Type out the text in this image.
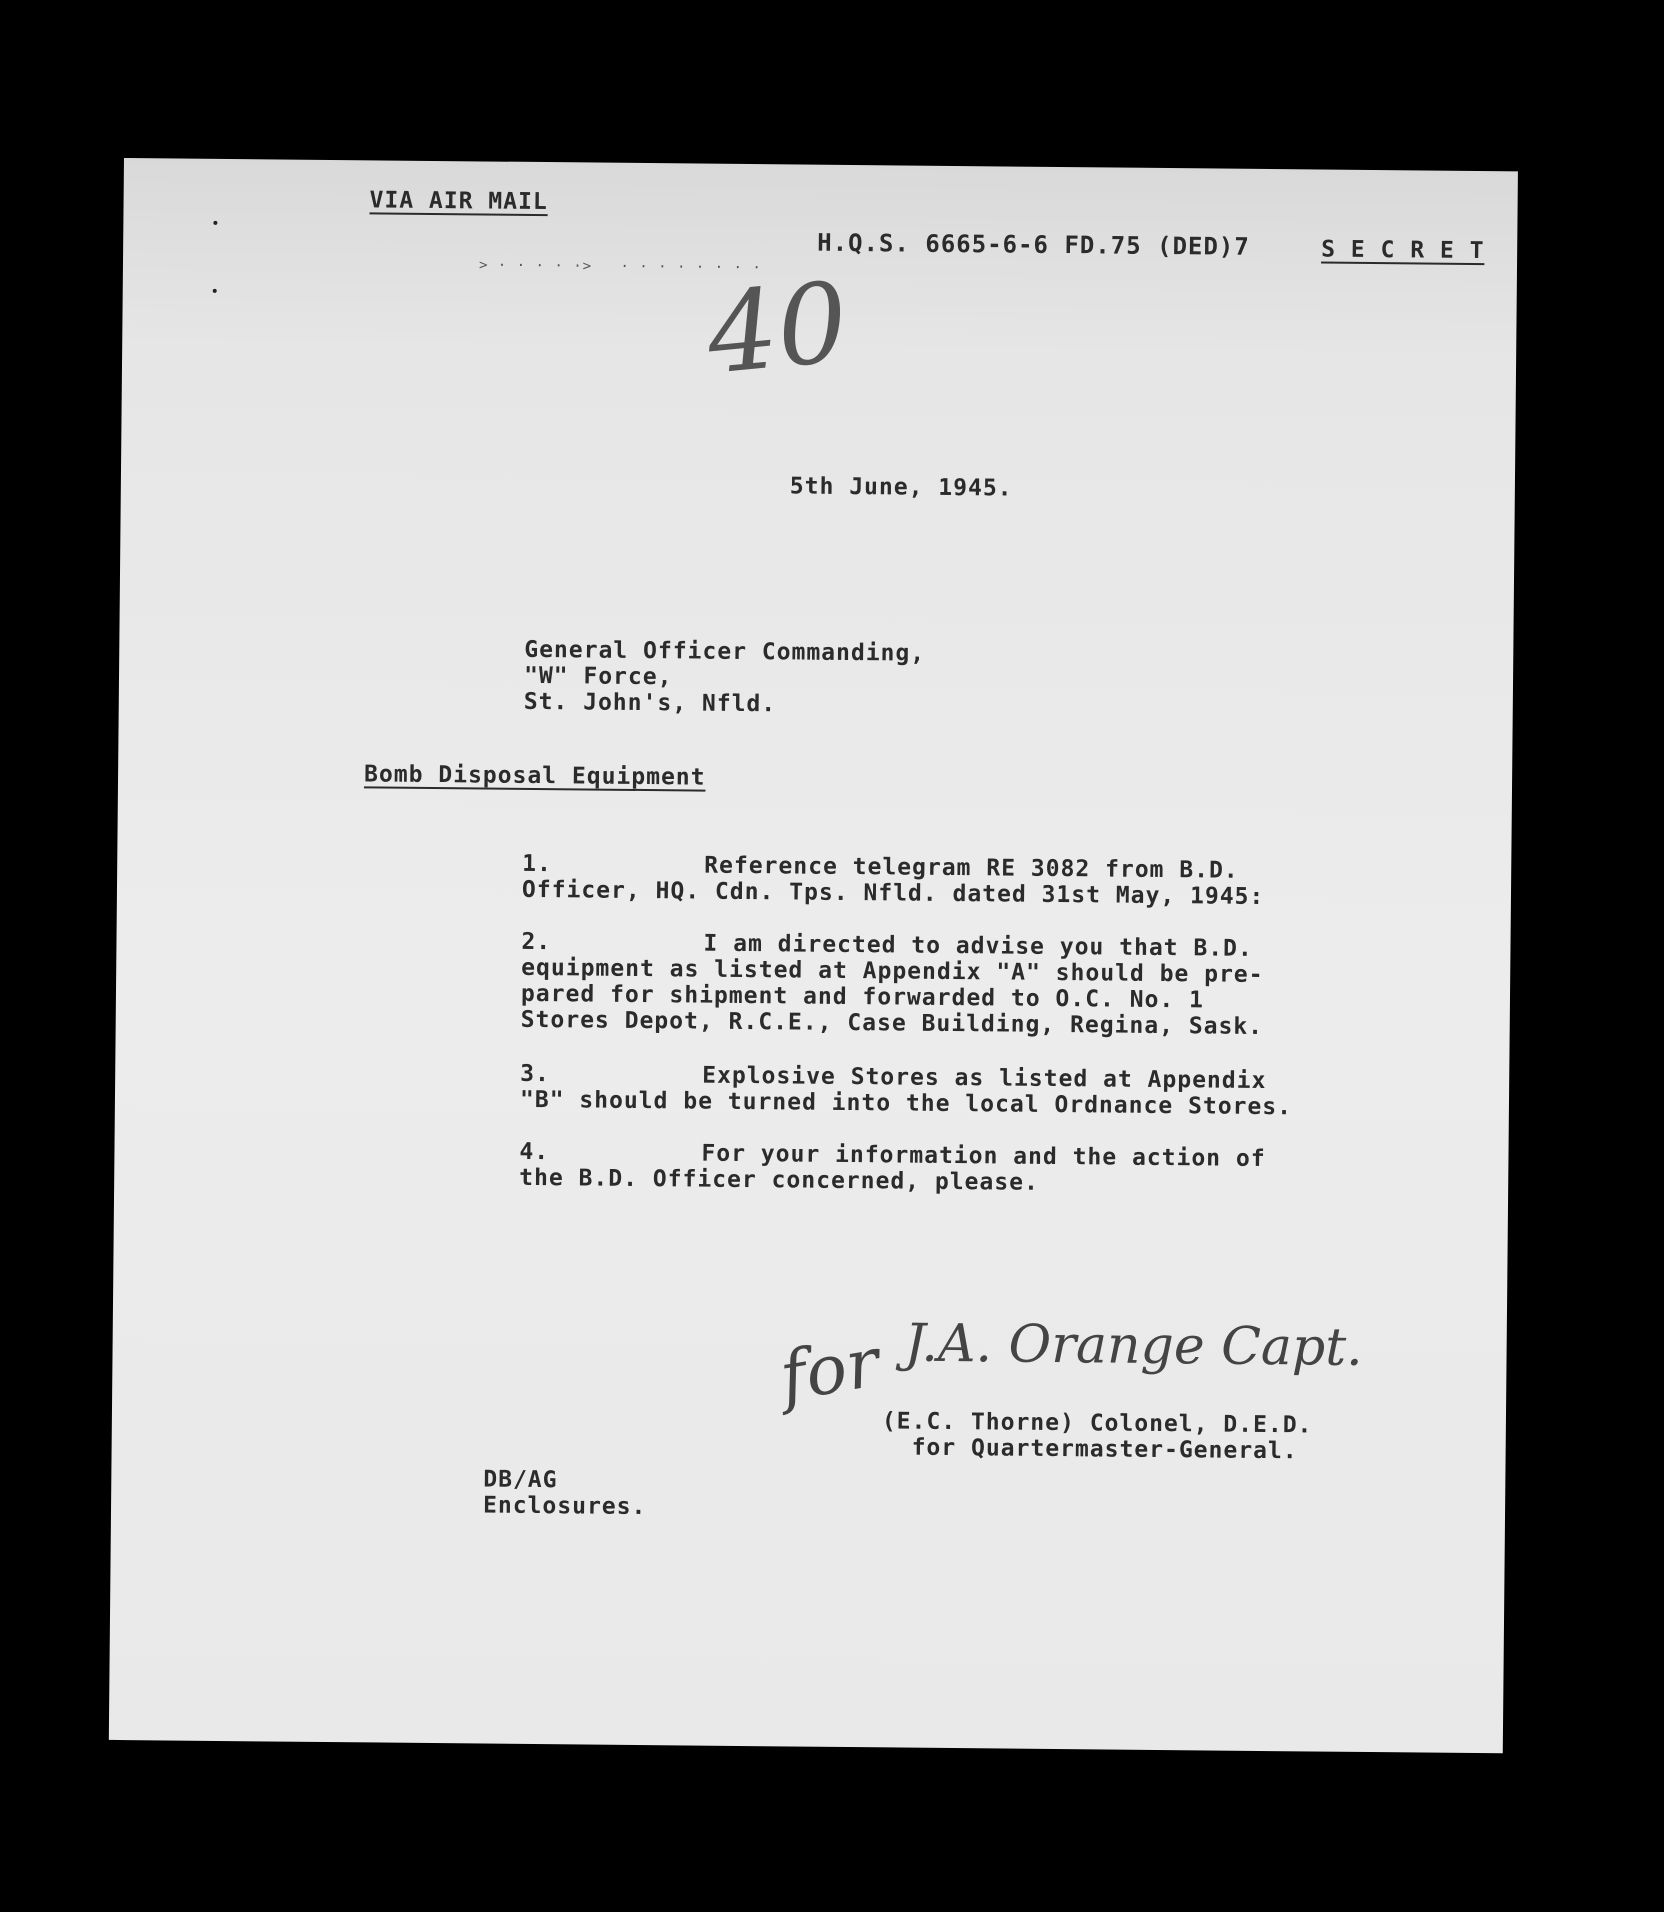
VIA AIR MAIL
H.Q.S. 6665-6-6 FD.75 (DED)7	S E C R E T
> · · · · ·>   · · · · · · · ·
40
5th June, 1945.
General Officer Commanding,
"W" Force,
St. John's, Nfld.
Bomb Disposal Equipment
1.	Reference telegram RE 3082 from B.D.
Officer, HQ. Cdn. Tps. Nfld. dated 31st May, 1945:
2.	I am directed to advise you that B.D.
equipment as listed at Appendix "A" should be pre-
pared for shipment and forwarded to O.C. No. 1
Stores Depot, R.C.E., Case Building, Regina, Sask.
3.	Explosive Stores as listed at Appendix
"B" should be turned into the local Ordnance Stores.
4.	For your information and the action of
the B.D. Officer concerned, please.
J.A. Orange Capt.
for
(E.C. Thorne) Colonel, D.E.D.
for Quartermaster-General.
DB/AG
Enclosures.
